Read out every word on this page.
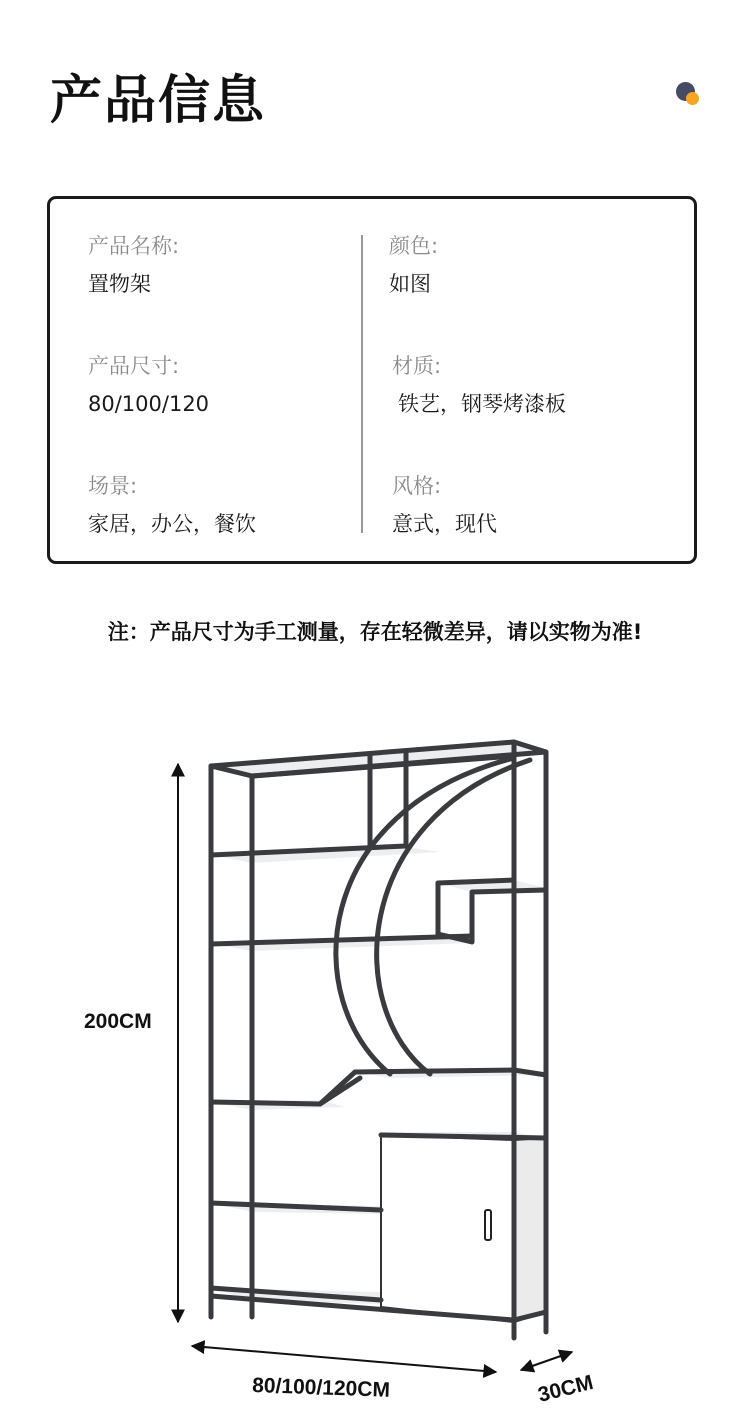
产品信息
产品名称:
置物架
颜色:
如图
产品尺寸:
80/100/120
材质:
铁艺，钢琴烤漆板
场景:
家居，办公，餐饮
风格:
意式，现代
注：产品尺寸为手工测量，存在轻微差异，请以实物为准!
200CM
80/100/120CM	30CM
